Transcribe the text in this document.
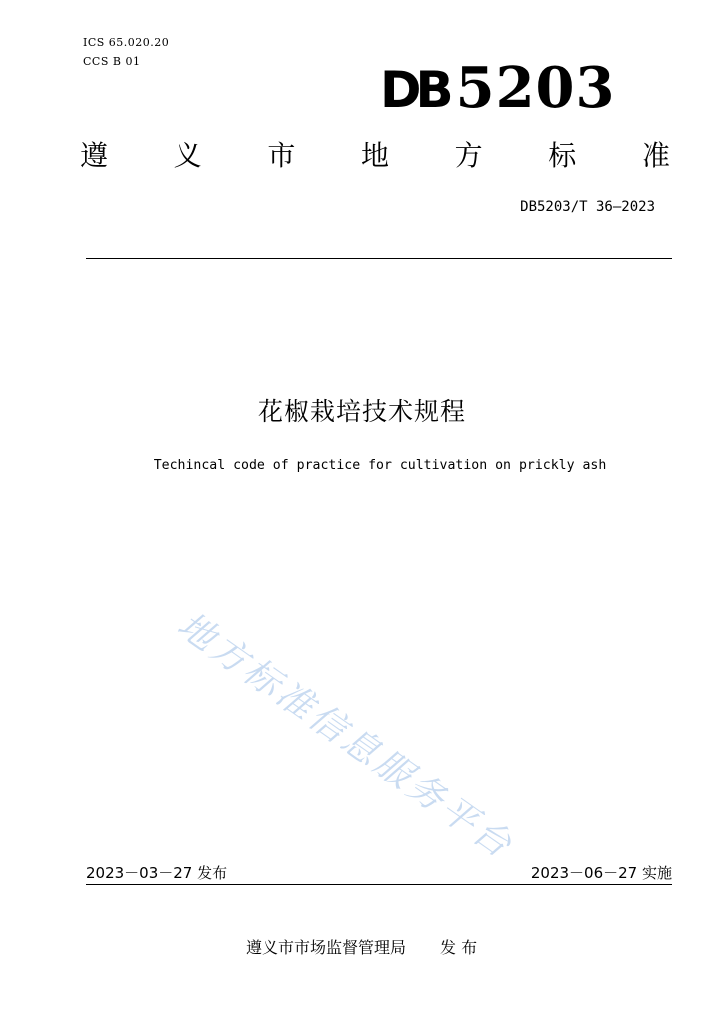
ICS 65.020.20
CCS B 01	DB 5203
遵 义 市 地 方 标 准
DB5203/T 36—2023
花椒栽培技术规程
Techincal code of practice for cultivation on prickly ash
地方标准信息服务平台
2023－03－27 发布	2023－06－27 实施
遵义市市场监督管理局 发 布
